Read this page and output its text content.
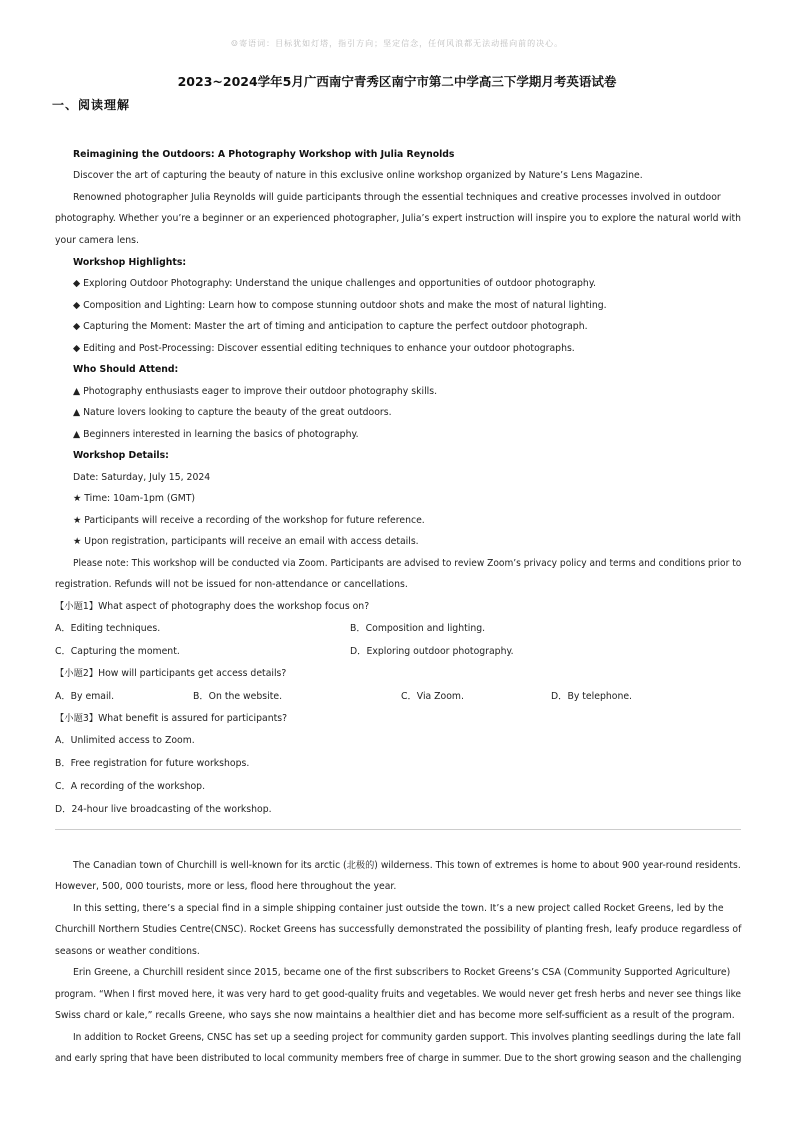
☺寄语词：目标犹如灯塔，指引方向；坚定信念，任何风浪都无法动摇向前的决心。
2023~2024学年5月广西南宁青秀区南宁市第二中学高三下学期月考英语试卷
一、阅读理解
Reimagining the Outdoors: A Photography Workshop with Julia Reynolds
Discover the art of capturing the beauty of nature in this exclusive online workshop organized by Nature’s Lens Magazine.
Renowned photographer Julia Reynolds will guide participants through the essential techniques and creative processes involved in outdoor
photography. Whether you’re a beginner or an experienced photographer, Julia’s expert instruction will inspire you to explore the natural world with
your camera lens.
Workshop Highlights:
◆ Exploring Outdoor Photography: Understand the unique challenges and opportunities of outdoor photography.
◆ Composition and Lighting: Learn how to compose stunning outdoor shots and make the most of natural lighting.
◆ Capturing the Moment: Master the art of timing and anticipation to capture the perfect outdoor photograph.
◆ Editing and Post-Processing: Discover essential editing techniques to enhance your outdoor photographs.
Who Should Attend:
▲ Photography enthusiasts eager to improve their outdoor photography skills.
▲ Nature lovers looking to capture the beauty of the great outdoors.
▲ Beginners interested in learning the basics of photography.
Workshop Details:
Date: Saturday, July 15, 2024
★ Time: 10am-1pm (GMT)
★ Participants will receive a recording of the workshop for future reference.
★ Upon registration, participants will receive an email with access details.
Please note: This workshop will be conducted via Zoom. Participants are advised to review Zoom’s privacy policy and terms and conditions prior to
registration. Refunds will not be issued for non-attendance or cancellations.
【小题1】What aspect of photography does the workshop focus on?
A．Editing techniques.	B．Composition and lighting.
C．Capturing the moment.	D．Exploring outdoor photography.
【小题2】How will participants get access details?
A．By email.	B．On the website.	C．Via Zoom.	D．By telephone.
【小题3】What benefit is assured for participants?
A．Unlimited access to Zoom.
B．Free registration for future workshops.
C．A recording of the workshop.
D．24-hour live broadcasting of the workshop.
The Canadian town of Churchill is well-known for its arctic (北极的) wilderness. This town of extremes is home to about 900 year-round residents.
However, 500, 000 tourists, more or less, flood here throughout the year.
In this setting, there’s a special find in a simple shipping container just outside the town. It’s a new project called Rocket Greens, led by the
Churchill Northern Studies Centre(CNSC). Rocket Greens has successfully demonstrated the possibility of planting fresh, leafy produce regardless of
seasons or weather conditions.
Erin Greene, a Churchill resident since 2015, became one of the first subscribers to Rocket Greens’s CSA (Community Supported Agriculture)
program. “When I first moved here, it was very hard to get good-quality fruits and vegetables. We would never get fresh herbs and never see things like
Swiss chard or kale,” recalls Greene, who says she now maintains a healthier diet and has become more self-sufficient as a result of the program.
In addition to Rocket Greens, CNSC has set up a seeding project for community garden support. This involves planting seedlings during the late fall
and early spring that have been distributed to local community members free of charge in summer. Due to the short growing season and the challenging
